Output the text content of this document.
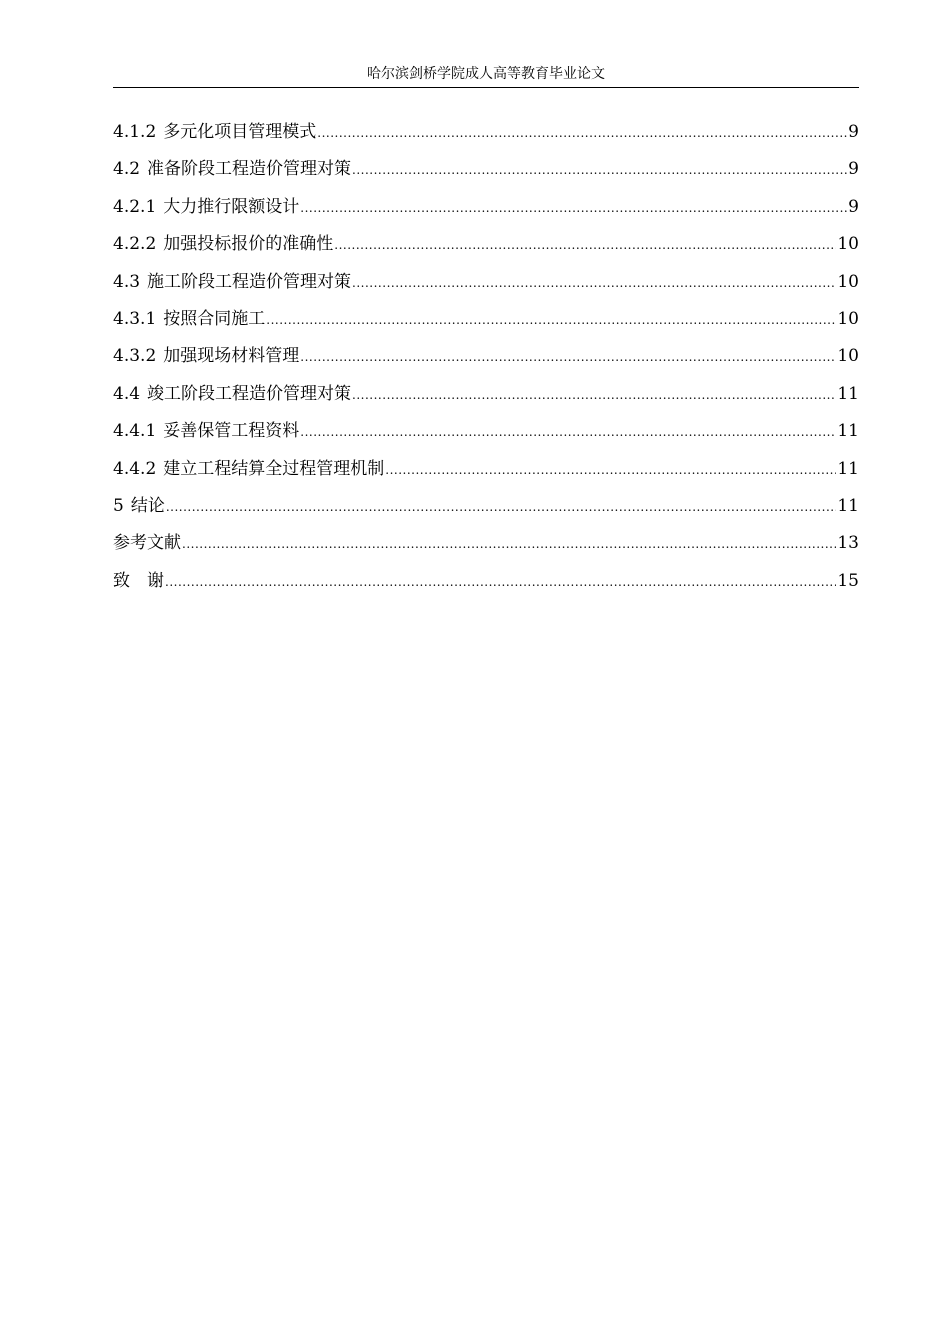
哈尔滨剑桥学院成人高等教育毕业论文
4.1.2 多元化项目管理模式 .....	9
4.2 准备阶段工程造价管理对策 .....	9
4.2.1 大力推行限额设计 .....	9
4.2.2 加强投标报价的准确性 .....	10
4.3 施工阶段工程造价管理对策 .....	10
4.3.1 按照合同施工 .....	10
4.3.2 加强现场材料管理 .....	10
4.4 竣工阶段工程造价管理对策 .....	11
4.4.1 妥善保管工程资料 .....	11
4.4.2 建立工程结算全过程管理机制 .....	11
5 结论 .....	11
参考文献 .....	13
致　谢 .....	15
